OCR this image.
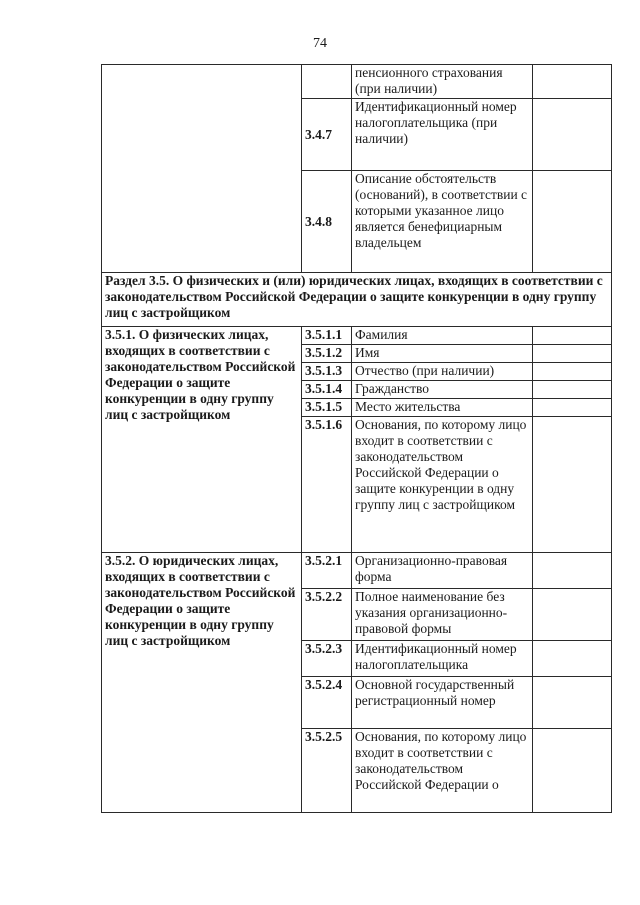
74
		пенсионного страхования (при наличии)	
	3.4.7	Идентификационный номер налогоплательщика (при наличии)	
	3.4.8	Описание обстоятельств (оснований), в соответствии с которыми указанное лицо является бенефициарным владельцем	
Раздел 3.5. О физических и (или) юридических лицах, входящих в соответствии с законодательством Российской Федерации о защите конкуренции в одну группу лиц с застройщиком			
3.5.1. О физических лицах, входящих в соответствии с законодательством Российской Федерации о защите конкуренции в одну группу лиц с застройщиком	3.5.1.1	Фамилия	
	3.5.1.2	Имя	
	3.5.1.3	Отчество (при наличии)	
	3.5.1.4	Гражданство	
	3.5.1.5	Место жительства	
	3.5.1.6	Основания, по которому лицо входит в соответствии с законодательством Российской Федерации о защите конкуренции в одну группу лиц с застройщиком	
3.5.2. О юридических лицах, входящих в соответствии с законодательством Российской Федерации о защите конкуренции в одну группу лиц с застройщиком	3.5.2.1	Организационно-правовая форма	
	3.5.2.2	Полное наименование без указания организационно-правовой формы	
	3.5.2.3	Идентификационный номер налогоплательщика	
	3.5.2.4	Основной государственный регистрационный номер	
	3.5.2.5	Основания, по которому лицо входит в соответствии с законодательством Российской Федерации о	
